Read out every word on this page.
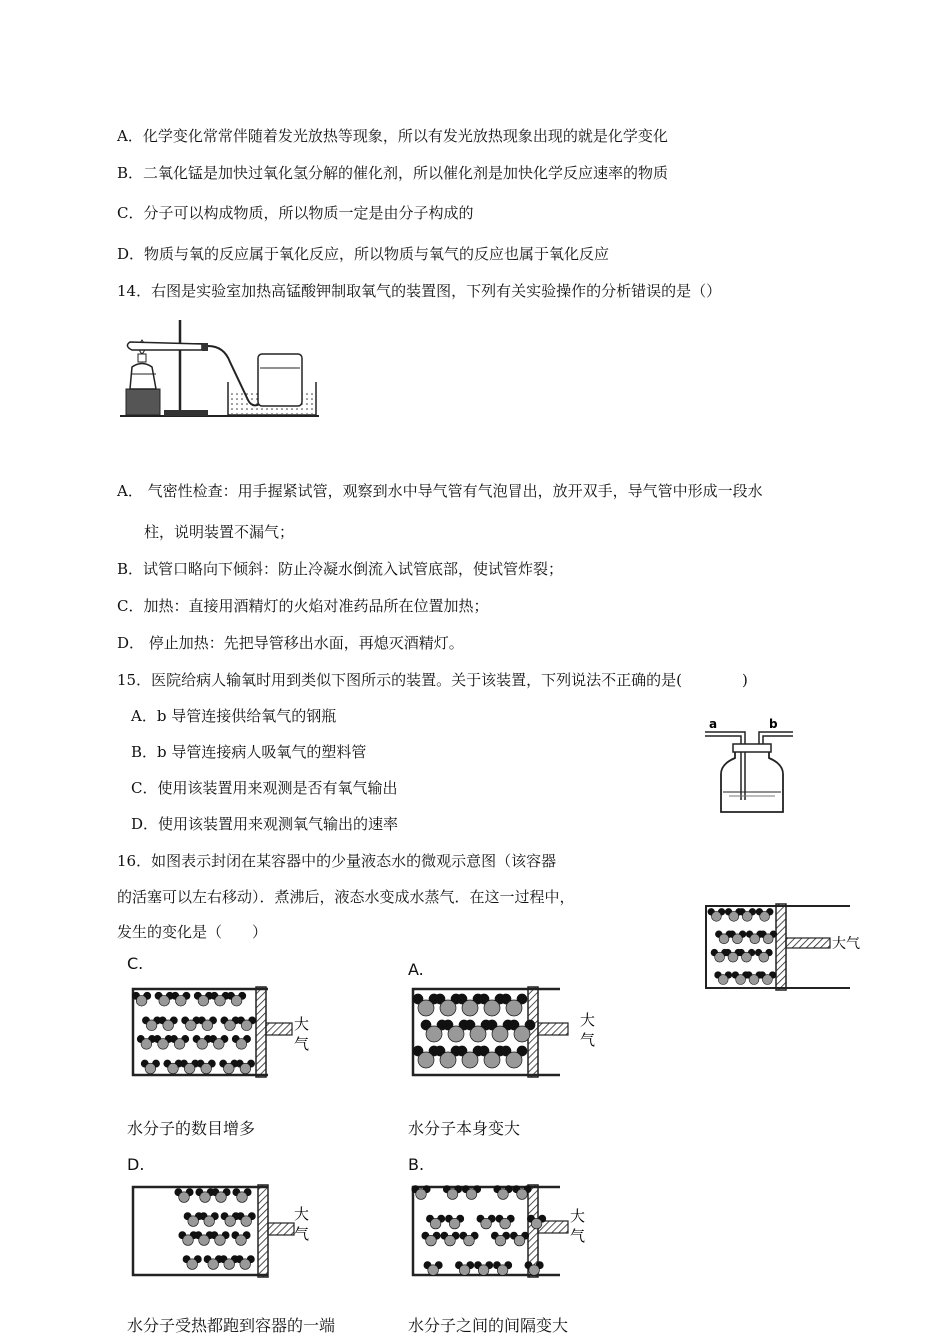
A．化学变化常常伴随着发光放热等现象，所以有发光放热现象出现的就是化学变化
B．二氧化锰是加快过氧化氢分解的催化剂，所以催化剂是加快化学反应速率的物质
C．分子可以构成物质，所以物质一定是由分子构成的
D．物质与氧的反应属于氧化反应，所以物质与氧气的反应也属于氧化反应
14．右图是实验室加热高锰酸钾制取氧气的装置图，下列有关实验操作的分析错误的是（）
A． 气密性检查：用手握紧试管，观察到水中导气管有气泡冒出，放开双手，导气管中形成一段水
柱，说明装置不漏气；
B．试管口略向下倾斜：防止冷凝水倒流入试管底部，使试管炸裂；
C．加热：直接用酒精灯的火焰对准药品所在位置加热；
D． 停止加热：先把导管移出水面，再熄灭酒精灯。
15．医院给病人输氧时用到类似下图所示的装置。关于该装置，下列说法不正确的是(　　　　)
A．b 导管连接供给氧气的钢瓶
B．b 导管连接病人吸氧气的塑料管
C．使用该装置用来观测是否有氧气输出
D．使用该装置用来观测氧气输出的速率
a	b
16．如图表示封闭在某容器中的少量液态水的微观示意图（该容器
的活塞可以左右移动）．煮沸后，液态水变成水蒸气．在这一过程中，
发生的变化是（　　）
大气
C.
大
气
水分子的数目增多
A.
大
气
水分子本身变大
D.
大
气
水分子受热都跑到容器的一端
B.
大
气
水分子之间的间隔变大
